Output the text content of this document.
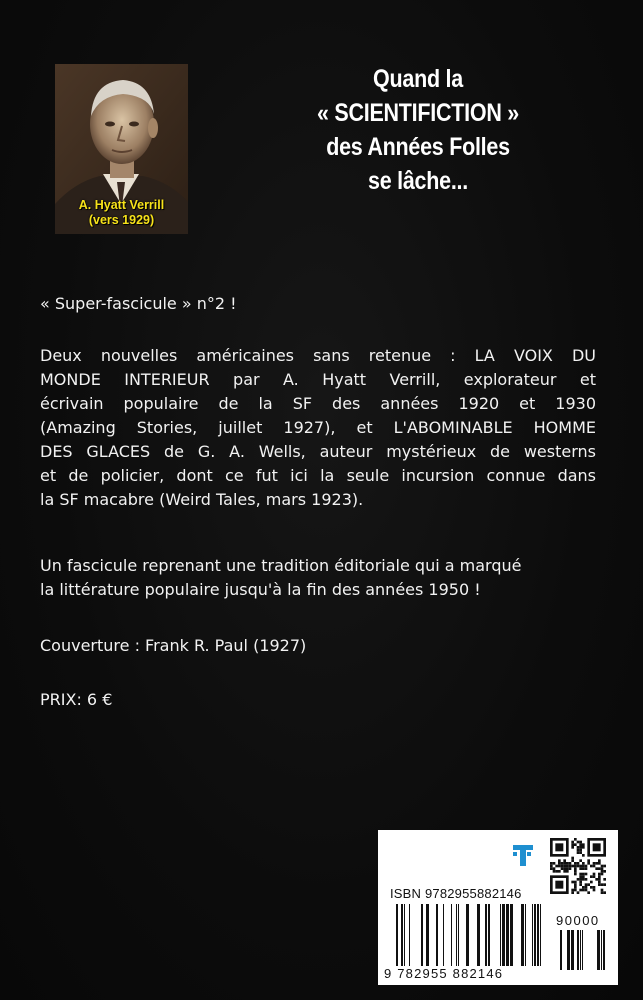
A. Hyatt Verrill
(vers 1929)
Quand la
« SCIENTIFICTION »
des Années Folles
se lâche...

« Super-fascicule » n°2 !

Deux nouvelles américaines sans retenue : LA VOIX DU
MONDE INTERIEUR par A. Hyatt Verrill, explorateur et
écrivain populaire de la SF des années 1920 et 1930
(Amazing Stories, juillet 1927), et L'ABOMINABLE HOMME
DES GLACES de G. A. Wells, auteur mystérieux de westerns
et de policier, dont ce fut ici la seule incursion connue dans
la SF macabre (Weird Tales, mars 1923).

Un fascicule reprenant une tradition éditoriale qui a marqué
la littérature populaire jusqu'à la fin des années 1950 !

Couverture : Frank R. Paul (1927)

PRIX: 6 €

ISBN 9782955882146
90000
9 782955 882146
